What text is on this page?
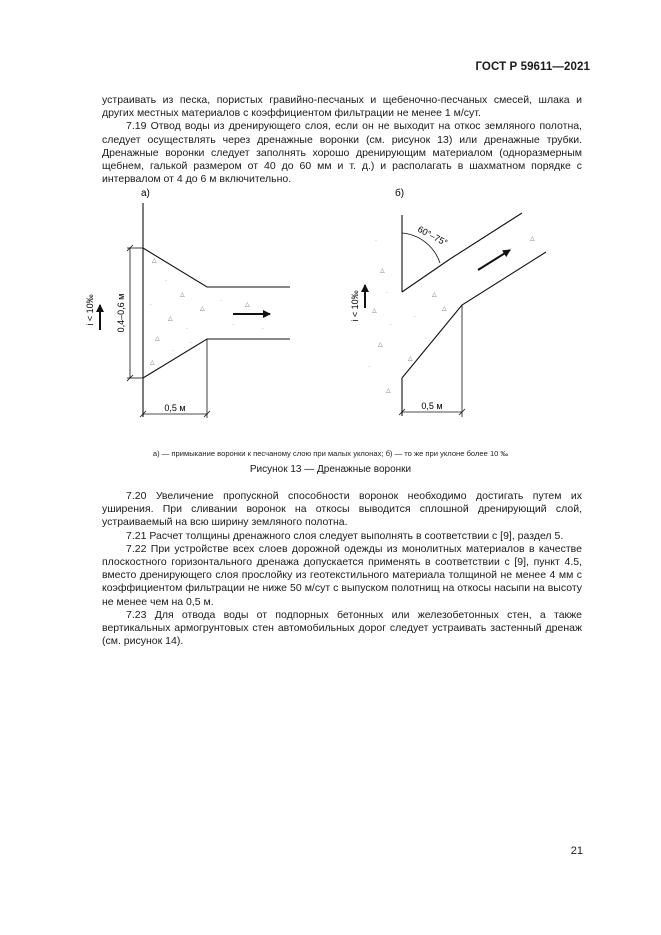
ГОСТ Р 59611—2021

устраивать из песка, пористых гравийно-песчаных и щебеночно-песчаных смесей, шлака и других местных материалов с коэффициентом фильтрации не менее 1 м/сут.

7.19 Отвод воды из дренирующего слоя, если он не выходит на откос земляного полотна, следует осуществлять через дренажные воронки (см. рисунок 13) или дренажные трубки. Дренажные воронки следует заполнять хорошо дренирующим материалом (одноразмерным щебнем, галькой размером от 40 до 60 мм и т. д.) и располагать в шахматном порядке с интервалом от 4 до 6 м включительно.

а)
△
·
△
·
△
·
△
·
△
·
△
·
△
·
·
0,4–0,6 м
i < 10‰
0,5 м
б)
60°–75°
·
△
·
△
·
△
·
△
·
△
·
△
·
△
·
△
·
i < 10‰
0,5 м
а) — примыкание воронки к песчаному слою при малых уклонах; б) — то же при уклоне более 10 ‰
Рисунок 13 — Дренажные воронки

7.20 Увеличение пропускной способности воронок необходимо достигать путем их уширения. При сливании воронок на откосы выводится сплошной дренирующий слой, устраиваемый на всю ширину земляного полотна.

7.21 Расчет толщины дренажного слоя следует выполнять в соответствии с [9], раздел 5.

7.22 При устройстве всех слоев дорожной одежды из монолитных материалов в качестве плоскостного горизонтального дренажа допускается применять в соответствии с [9], пункт 4.5, вместо дренирующего слоя прослойку из геотекстильного материала толщиной не менее 4 мм с коэффициентом фильтрации не ниже 50 м/сут с выпуском полотнищ на откосы насыпи на высоту не менее чем на 0,5 м.

7.23 Для отвода воды от подпорных бетонных или железобетонных стен, а также вертикальных армогрунтовых стен автомобильных дорог следует устраивать застенный дренаж (см. рисунок 14).

21
